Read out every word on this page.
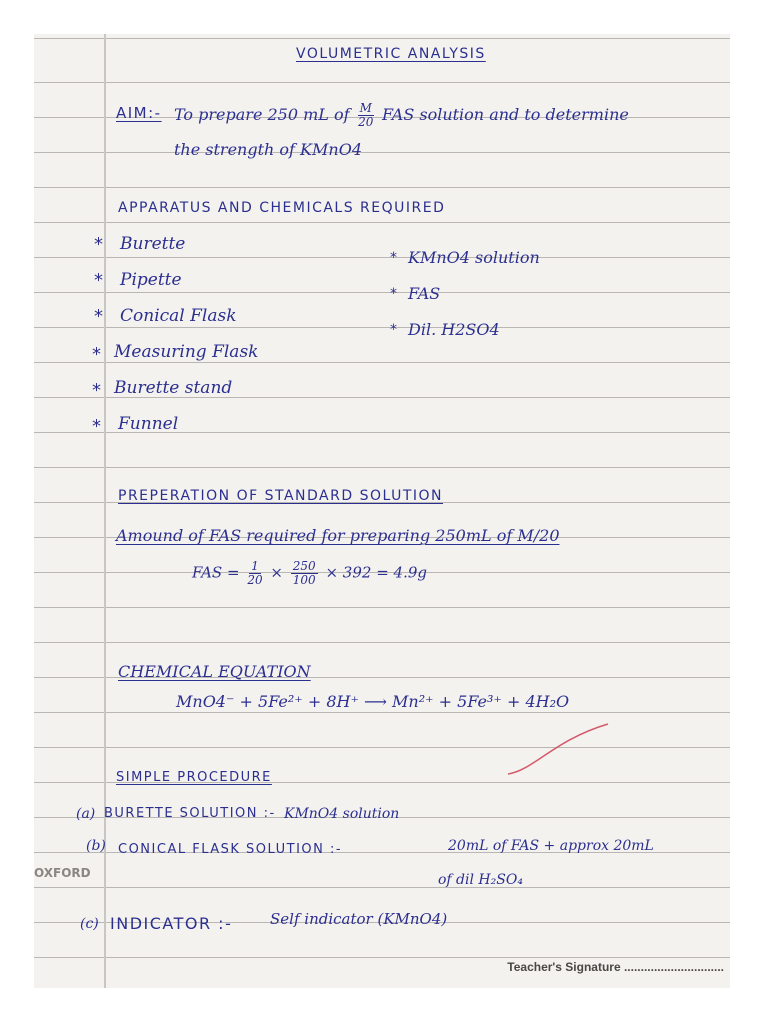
VOLUMETRIC ANALYSIS
AIM:- To prepare 250 mL of $\frac{M}{20}$ FAS solution and to determine
the strength of KMnO4
APPARATUS AND CHEMICALS REQUIRED
* Burette
* Pipette
* Conical Flask
* Measuring Flask
* Burette stand
* Funnel
* KMnO4 solution
* FAS
* Dil. H2SO4
PREPERATION OF STANDARD SOLUTION
Amound of FAS required for preparing 250mL of M/20
FAS = $\frac{1}{20} \times \frac{250}{100} \times 392 = 4.9g$
CHEMICAL EQUATION
MnO4⁻ + 5Fe²⁺ + 8H⁺ ⟶ Mn²⁺ + 5Fe³⁺ + 4H₂O
SIMPLE PROCEDURE
(a) BURETTE SOLUTION :- KMnO4 solution
(b) CONICAL FLASK SOLUTION :-	20mL of FAS + approx 20mL
of dil H₂SO₄
(c) INDICATOR :-	Self indicator (KMnO4)
OXFORD
Teacher's Signature ..............................
